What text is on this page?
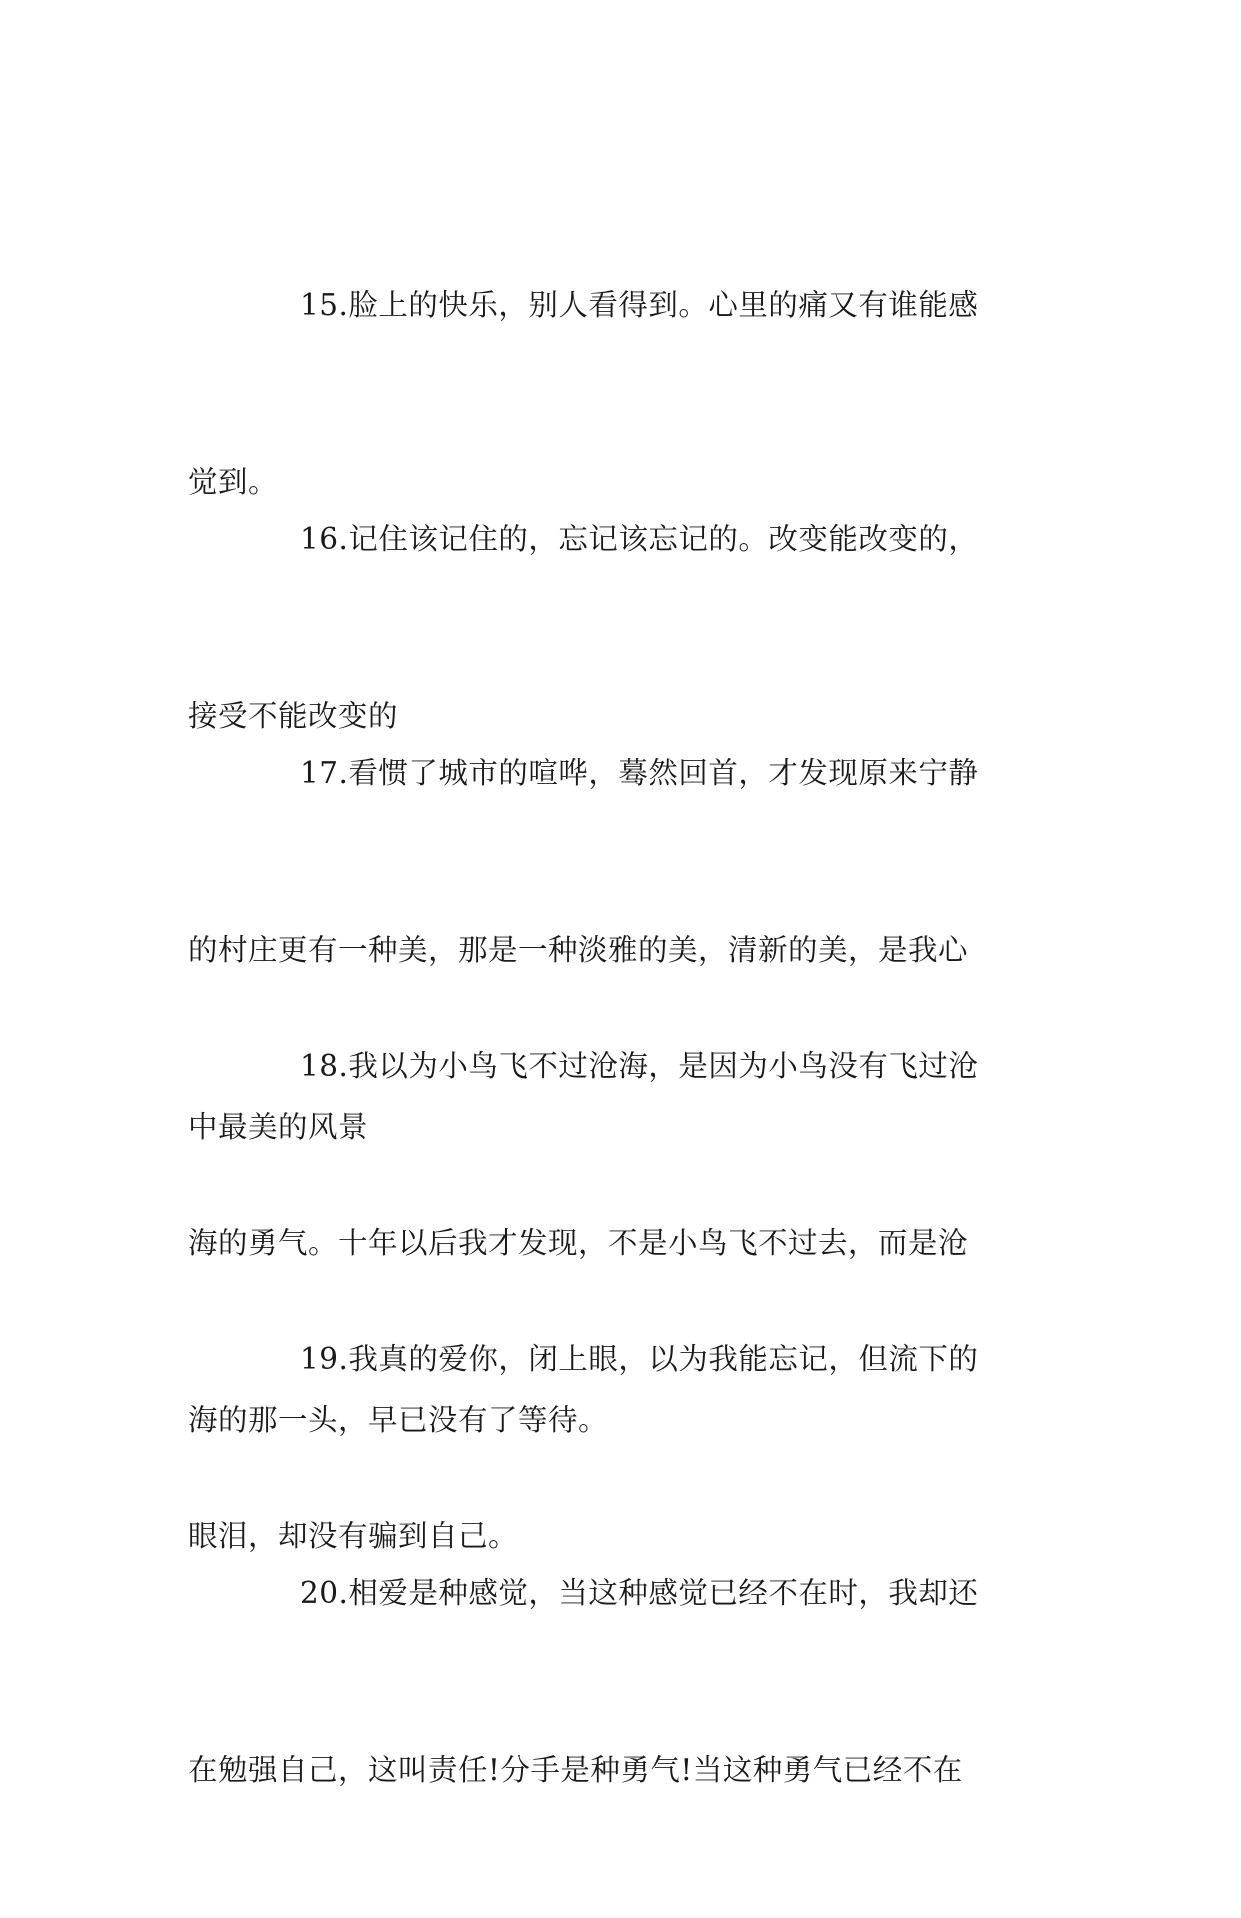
15.脸上的快乐，别人看得到。心里的痛又有谁能感

觉到。

16.记住该记住的，忘记该忘记的。改变能改变的，

接受不能改变的

17.看惯了城市的喧哗，蓦然回首，才发现原来宁静

的村庄更有一种美，那是一种淡雅的美，清新的美，是我心

中最美的风景

18.我以为小鸟飞不过沧海，是因为小鸟没有飞过沧

海的勇气。十年以后我才发现，不是小鸟飞不过去，而是沧

海的那一头，早已没有了等待。

19.我真的爱你，闭上眼，以为我能忘记，但流下的

眼泪，却没有骗到自己。

20.相爱是种感觉，当这种感觉已经不在时，我却还

在勉强自己，这叫责任!分手是种勇气!当这种勇气已经不在
